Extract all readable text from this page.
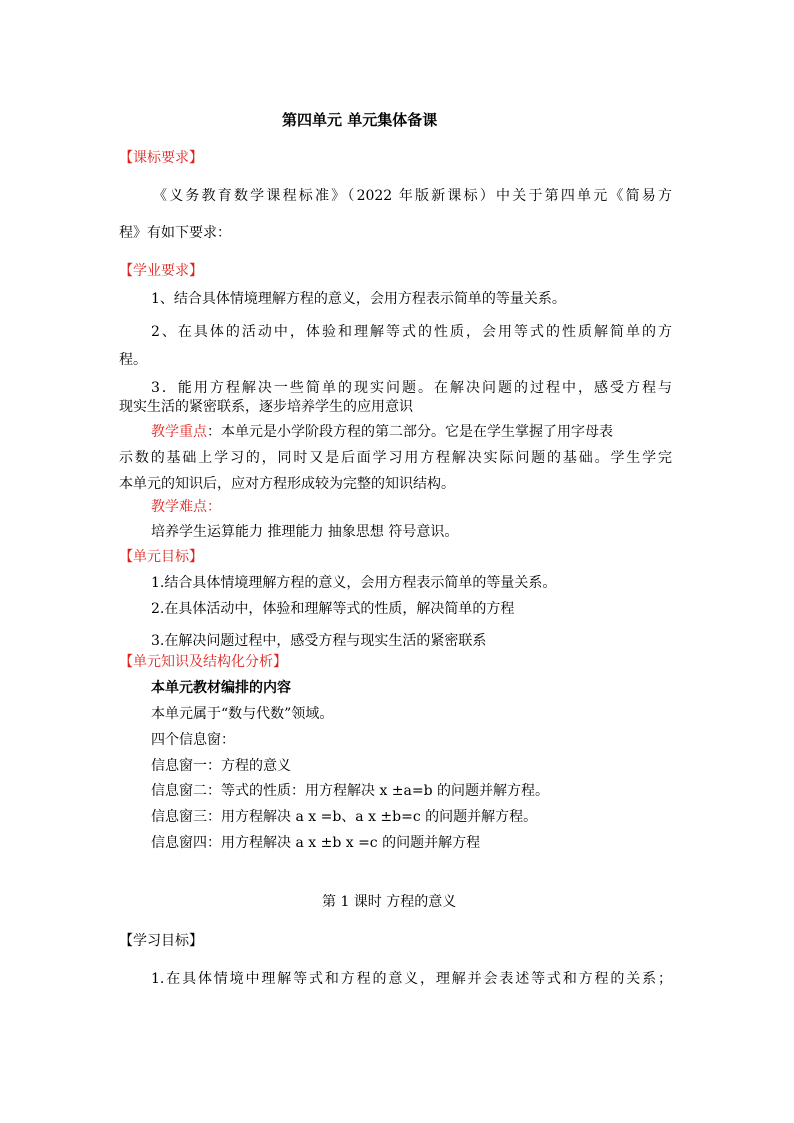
第四单元 单元集体备课
【课标要求】
《义务教育数学课程标准》（2022 年版新课标）中关于第四单元《简易方
程》有如下要求：
【学业要求】
1、结合具体情境理解方程的意义，会用方程表示简单的等量关系。
2、在具体的活动中，体验和理解等式的性质，会用等式的性质解简单的方
程。
3．能用方程解决一些简单的现实问题。在解决问题的过程中，感受方程与
现实生活的紧密联系，逐步培养学生的应用意识
教学重点：本单元是小学阶段方程的第二部分。它是在学生掌握了用字母表
示数的基础上学习的，同时又是后面学习用方程解决实际问题的基础。学生学完
本单元的知识后，应对方程形成较为完整的知识结构。
教学难点：
培养学生运算能力 推理能力 抽象思想 符号意识。
【单元目标】
1.结合具体情境理解方程的意义，会用方程表示简单的等量关系。
2.在具体活动中，体验和理解等式的性质，解决简单的方程
3.在解决问题过程中，感受方程与现实生活的紧密联系
【单元知识及结构化分析】
本单元教材编排的内容
本单元属于“数与代数”领域。
四个信息窗：
信息窗一：方程的意义
信息窗二：等式的性质：用方程解决 x ±a=b 的问题并解方程。
信息窗三：用方程解决 a x =b、a x ±b=c 的问题并解方程。
信息窗四：用方程解决 a x ±b x =c 的问题并解方程
第 1 课时 方程的意义
【学习目标】
1.在具体情境中理解等式和方程的意义，理解并会表述等式和方程的关系；
